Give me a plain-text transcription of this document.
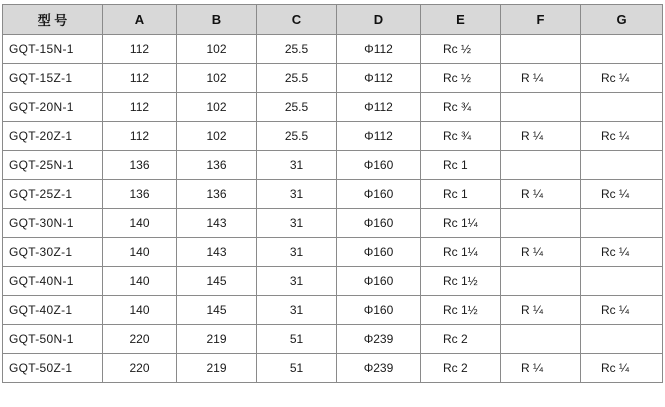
型 号	A	B	C	D	E	F	G
GQT-15N-1	112	102	25.5	Φ112	Rc ½		
GQT-15Z-1	112	102	25.5	Φ112	Rc ½	R ¼	Rc ¼
GQT-20N-1	112	102	25.5	Φ112	Rc ¾		
GQT-20Z-1	112	102	25.5	Φ112	Rc ¾	R ¼	Rc ¼
GQT-25N-1	136	136	31	Φ160	Rc 1		
GQT-25Z-1	136	136	31	Φ160	Rc 1	R ¼	Rc ¼
GQT-30N-1	140	143	31	Φ160	Rc 1¼		
GQT-30Z-1	140	143	31	Φ160	Rc 1¼	R ¼	Rc ¼
GQT-40N-1	140	145	31	Φ160	Rc 1½		
GQT-40Z-1	140	145	31	Φ160	Rc 1½	R ¼	Rc ¼
GQT-50N-1	220	219	51	Φ239	Rc 2		
GQT-50Z-1	220	219	51	Φ239	Rc 2	R ¼	Rc ¼
